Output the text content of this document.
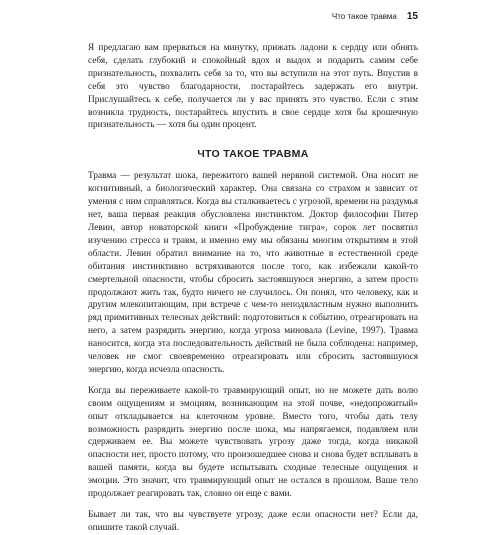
Что такое травма 15

Я предлагаю вам прерваться на минутку, прижать ладони к сердцу или обнять себя, сделать глубокий и спокойный вдох и выдох и подарить самим себе признательность, похвалить себя за то, что вы вступили на этот путь. Впустив в себя это чувство благодарности, постарайтесь задержать его внутри. Прислушайтесь к себе, получается ли у вас принять это чувство. Если с этим возникла трудность, постарайтесь впустить в свое сердце хотя бы крошечную признательность — хотя бы один процент.

ЧТО ТАКОЕ ТРАВМА

Травма — результат шока, пережитого вашей нервной системой. Она носит не когнитивный, а биологический характер. Она связана со страхом и зависит от умения с ним справляться. Когда вы сталкиваетесь с угрозой, времени на раздумья нет, ваша первая реакция обусловлена инстинктом. Доктор философии Питер Левин, автор новаторской книги «Пробуждение тигра», сорок лет посвятил изучению стресса и травм, и именно ему мы обязаны многим открытиям в этой области. Левин обратил внимание на то, что животные в естественной среде обитания инстинктивно встряхиваются после того, как избежали какой-то смертельной опасности, чтобы сбросить застоявшуюся энергию, а затем просто продолжают жить так, будто ничего не случилось. Он понял, что человеку, как и другим млекопитающим, при встрече с чем-то неподвластным нужно выполнить ряд примитивных телесных действий: подготовиться к событию, отреагировать на него, а затем разрядить энергию, когда угроза миновала (Levine, 1997). Травма наносится, когда эта последовательность действий не была соблюдена: например, человек не смог своевременно отреагировать или сбросить застоявшуюся энергию, когда исчезла опасность.

Когда вы переживаете какой-то травмирующий опыт, но не можете дать волю своим ощущениям и эмоциям, возникающим на этой почве, «недопрожитый» опыт откладывается на клеточном уровне. Вместо того, чтобы дать телу возможность разрядить энергию после шока, мы напрягаемся, подавляем или сдерживаем ее. Вы можете чувствовать угрозу даже тогда, когда никакой опасности нет, просто потому, что произошедшее снова и снова будет всплывать в вашей памяти, когда вы будете испытывать сходные телесные ощущения и эмоции. Это значит, что травмирующий опыт не остался в прошлом. Ваше тело продолжает реагировать так, словно он еще с вами.

Бывает ли так, что вы чувствуете угрозу, даже если опасности нет? Если да, опишите такой случай.
